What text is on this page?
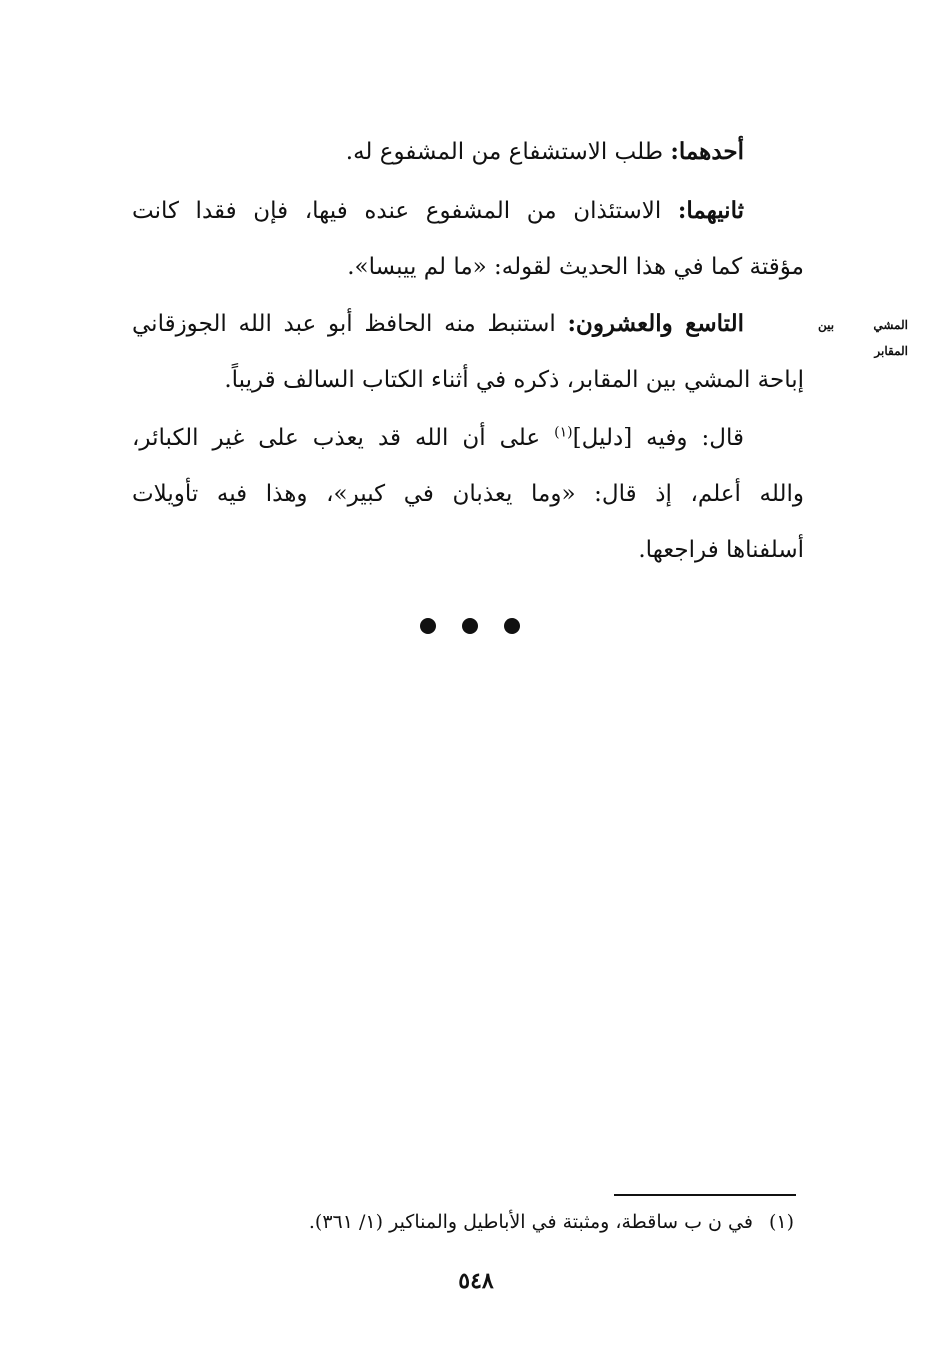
أحدهما: طلب الاستشفاع من المشفوع له.
ثانيهما: الاستئذان من المشفوع عنده فيها، فإن فقدا كانت
مؤقتة كما في هذا الحديث لقوله: «ما لم ييبسا».
المشي بين
المقابر
التاسع والعشرون: استنبط منه الحافظ أبو عبد الله الجوزقاني
إباحة المشي بين المقابر، ذكره في أثناء الكتاب السالف قريباً.
قال: وفيه [دليل]$^{(١)}$ على أن الله قد يعذب على غير الكبائر،
والله أعلم، إذ قال: «وما يعذبان في كبير»، وهذا فيه تأويلات
أسلفناها فراجعها.
(١)في ن ب ساقطة، ومثبتة في الأباطيل والمناكير (١/ ٣٦١).
٥٤٨
